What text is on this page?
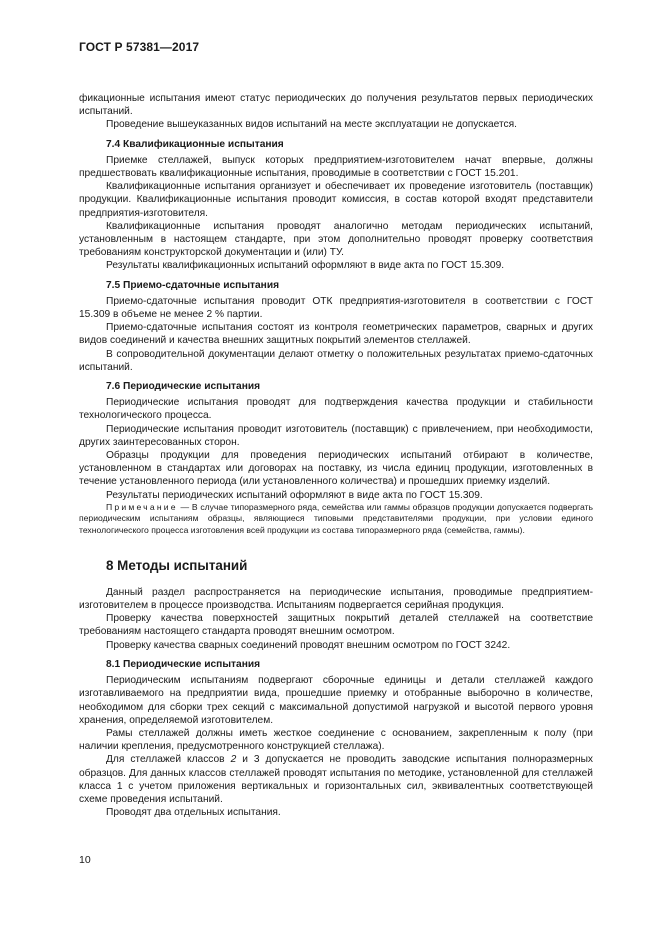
ГОСТ Р 57381—2017

фикационные испытания имеют статус периодических до получения результатов первых периодических испытаний.

Проведение вышеуказанных видов испытаний на месте эксплуатации не допускается.

7.4 Квалификационные испытания

Приемке стеллажей, выпуск которых предприятием-изготовителем начат впервые, должны предшествовать квалификационные испытания, проводимые в соответствии с ГОСТ 15.201.

Квалификационные испытания организует и обеспечивает их проведение изготовитель (поставщик) продукции. Квалификационные испытания проводит комиссия, в состав которой входят представители предприятия-изготовителя.

Квалификационные испытания проводят аналогично методам периодических испытаний, установленным в настоящем стандарте, при этом дополнительно проводят проверку соответствия требованиям конструкторской документации и (или) ТУ.

Результаты квалификационных испытаний оформляют в виде акта по ГОСТ 15.309.

7.5 Приемо-сдаточные испытания

Приемо-сдаточные испытания проводит ОТК предприятия-изготовителя в соответствии с ГОСТ 15.309 в объеме не менее 2 % партии.

Приемо-сдаточные испытания состоят из контроля геометрических параметров, сварных и других видов соединений и качества внешних защитных покрытий элементов стеллажей.

В сопроводительной документации делают отметку о положительных результатах приемо-сдаточных испытаний.

7.6 Периодические испытания

Периодические испытания проводят для подтверждения качества продукции и стабильности технологического процесса.

Периодические испытания проводит изготовитель (поставщик) с привлечением, при необходимости, других заинтересованных сторон.

Образцы продукции для проведения периодических испытаний отбирают в количестве, установленном в стандартах или договорах на поставку, из числа единиц продукции, изготовленных в течение установленного периода (или установленного количества) и прошедших приемку изделий.

Результаты периодических испытаний оформляют в виде акта по ГОСТ 15.309.

Примечание — В случае типоразмерного ряда, семейства или гаммы образцов продукции допускается подвергать периодическим испытаниям образцы, являющиеся типовыми представителями продукции, при условии единого технологического процесса изготовления всей продукции из состава типоразмерного ряда (семейства, гаммы).

8 Методы испытаний

Данный раздел распространяется на периодические испытания, проводимые предприятием-изготовителем в процессе производства. Испытаниям подвергается серийная продукция.

Проверку качества поверхностей защитных покрытий деталей стеллажей на соответствие требованиям настоящего стандарта проводят внешним осмотром.

Проверку качества сварных соединений проводят внешним осмотром по ГОСТ 3242.

8.1 Периодические испытания

Периодическим испытаниям подвергают сборочные единицы и детали стеллажей каждого изготавливаемого на предприятии вида, прошедшие приемку и отобранные выборочно в количестве, необходимом для сборки трех секций с максимальной допустимой нагрузкой и высотой первого уровня хранения, определяемой изготовителем.

Рамы стеллажей должны иметь жесткое соединение с основанием, закрепленным к полу (при наличии крепления, предусмотренного конструкцией стеллажа).

Для стеллажей классов 2 и 3 допускается не проводить заводские испытания полноразмерных образцов. Для данных классов стеллажей проводят испытания по методике, установленной для стеллажей класса 1 с учетом приложения вертикальных и горизонтальных сил, эквивалентных соответствующей схеме проведения испытаний.

Проводят два отдельных испытания.

10
